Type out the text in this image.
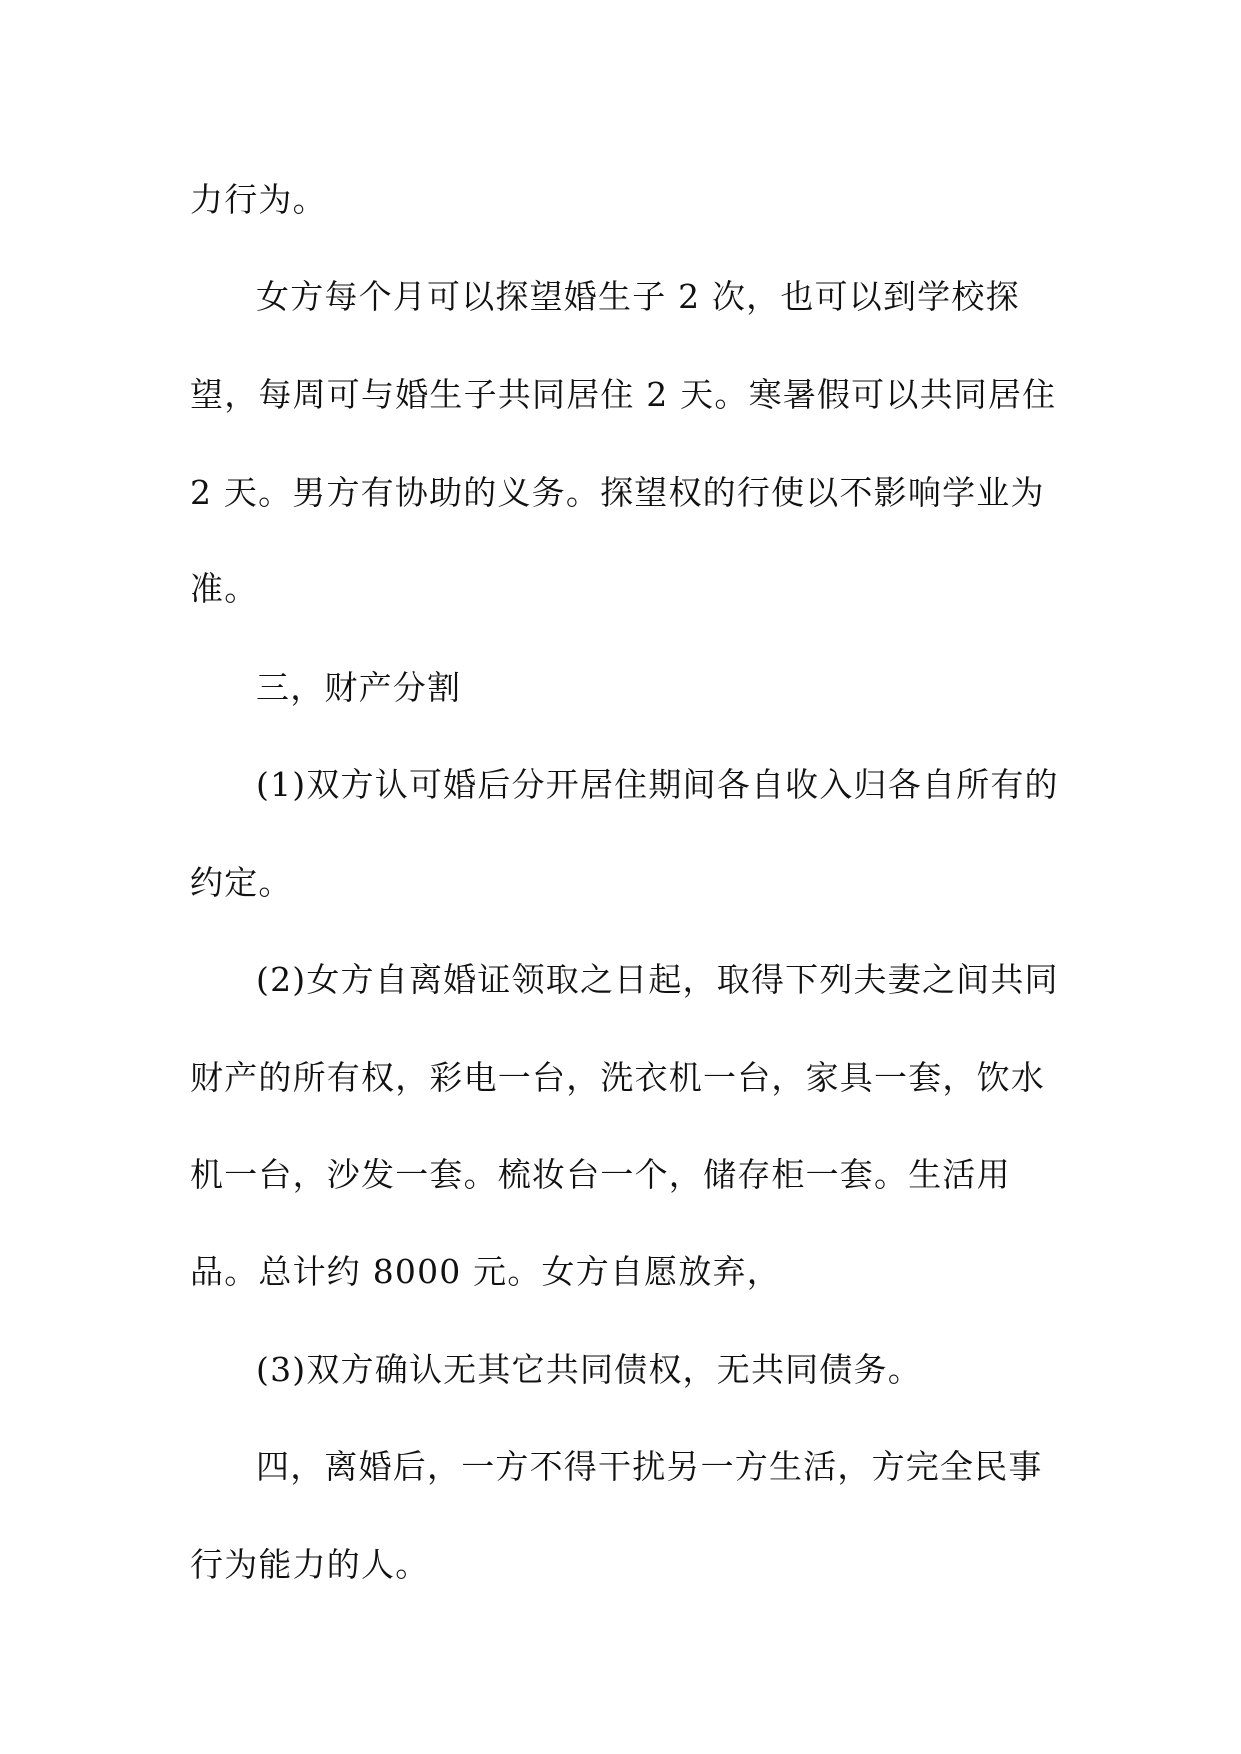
力行为。
女方每个月可以探望婚生子 2 次，也可以到学校探
望，每周可与婚生子共同居住 2 天。寒暑假可以共同居住
2 天。男方有协助的义务。探望权的行使以不影响学业为
准。
三，财产分割
(1)双方认可婚后分开居住期间各自收入归各自所有的
约定。
(2)女方自离婚证领取之日起，取得下列夫妻之间共同
财产的所有权，彩电一台，洗衣机一台，家具一套，饮水
机一台，沙发一套。梳妆台一个，储存柜一套。生活用
品。总计约 8000 元。女方自愿放弃，
(3)双方确认无其它共同债权，无共同债务。
四，离婚后，一方不得干扰另一方生活，方完全民事
行为能力的人。
